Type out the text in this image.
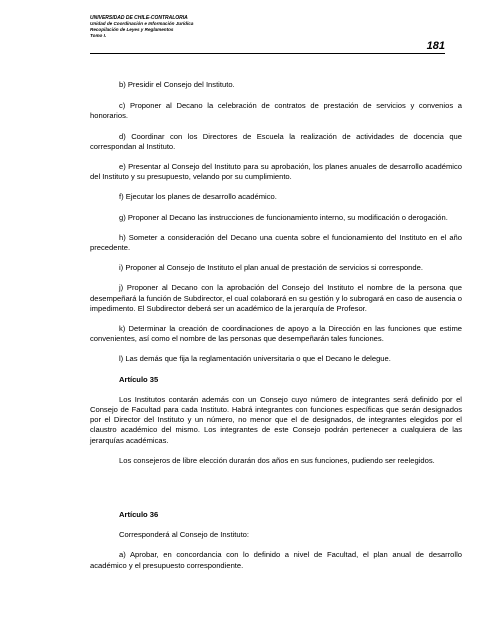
UNIVERSIDAD DE CHILE-CONTRALORIA
Unidad de Coordinación e Información Jurídica
Recopilación de Leyes y Reglamentos
Tomo I.
181

b) Presidir el Consejo del Instituto.

c) Proponer al Decano la celebración de contratos de prestación de servicios y convenios a honorarios.

d) Coordinar con los Directores de Escuela la realización de actividades de docencia que correspondan al Instituto.

e) Presentar al Consejo del Instituto para su aprobación, los planes anuales de desarrollo académico del Instituto y su presupuesto, velando por su cumplimiento.

f) Ejecutar los planes de desarrollo académico.

g) Proponer al Decano las instrucciones de funcionamiento interno, su modificación o derogación.

h) Someter a consideración del Decano una cuenta sobre el funcionamiento del Instituto en el año precedente.

i) Proponer al Consejo de Instituto el plan anual de prestación de servicios si corresponde.

j) Proponer al Decano con la aprobación del Consejo del Instituto el nombre de la persona que desempeñará la función de Subdirector, el cual colaborará en su gestión y lo subrogará en caso de ausencia o impedimento. El Subdirector deberá ser un académico de la jerarquía de Profesor.

k) Determinar la creación de coordinaciones de apoyo a la Dirección en las funciones que estime convenientes, así como el nombre de las personas que desempeñarán tales funciones.

l) Las demás que fija la reglamentación universitaria o que el Decano le delegue.

Artículo 35

Los Institutos contarán además con un Consejo cuyo número de integrantes será definido por el Consejo de Facultad para cada Instituto. Habrá integrantes con funciones específicas que serán designados por el Director del Instituto y un número, no menor que el de designados, de integrantes elegidos por el claustro académico del mismo. Los integrantes de este Consejo podrán pertenecer a cualquiera de las jerarquías académicas.

Los consejeros de libre elección durarán dos años en sus funciones, pudiendo ser reelegidos.

Artículo 36

Corresponderá al Consejo de Instituto:

a) Aprobar, en concordancia con lo definido a nivel de Facultad, el plan anual de desarrollo académico y el presupuesto correspondiente.
